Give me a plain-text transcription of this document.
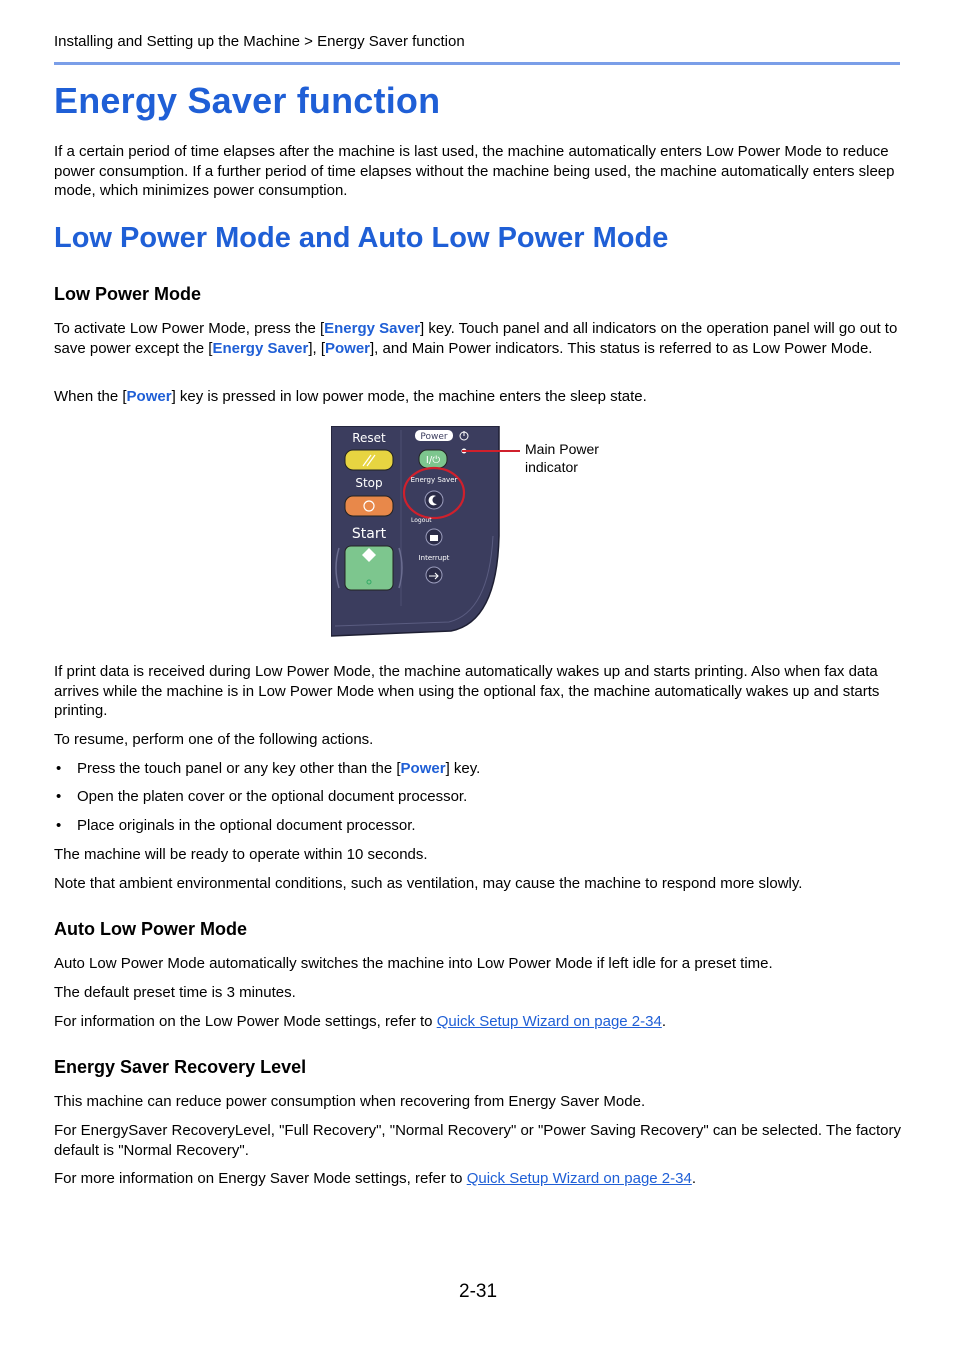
Installing and Setting up the Machine > Energy Saver function
Energy Saver function

If a certain period of time elapses after the machine is last used, the machine automatically enters Low Power Mode to reduce power consumption. If a further period of time elapses without the machine being used, the machine automatically enters sleep mode, which minimizes power consumption.

Low Power Mode and Auto Low Power Mode
Low Power Mode

To activate Low Power Mode, press the [Energy Saver] key. Touch panel and all indicators on the operation panel will go out to save power except the [Energy Saver], [Power], and Main Power indicators. This status is referred to as Low Power Mode.

When the [Power] key is pressed in low power mode, the machine enters the sleep state.

Reset
Stop
Start
Power
I/⏻
Energy Saver
Logout
Interrupt
Main Power
indicator

If print data is received during Low Power Mode, the machine automatically wakes up and starts printing. Also when fax data arrives while the machine is in Low Power Mode when using the optional fax, the machine automatically wakes up and starts printing.

To resume, perform one of the following actions.

• Press the touch panel or any key other than the [Power] key.
• Open the platen cover or the optional document processor.
• Place originals in the optional document processor.

The machine will be ready to operate within 10 seconds.

Note that ambient environmental conditions, such as ventilation, may cause the machine to respond more slowly.

Auto Low Power Mode

Auto Low Power Mode automatically switches the machine into Low Power Mode if left idle for a preset time.

The default preset time is 3 minutes.

For information on the Low Power Mode settings, refer to Quick Setup Wizard on page 2-34.

Energy Saver Recovery Level

This machine can reduce power consumption when recovering from Energy Saver Mode.

For EnergySaver RecoveryLevel, "Full Recovery", "Normal Recovery" or "Power Saving Recovery" can be selected. The factory default is "Normal Recovery".

For more information on Energy Saver Mode settings, refer to Quick Setup Wizard on page 2-34.

2-31
